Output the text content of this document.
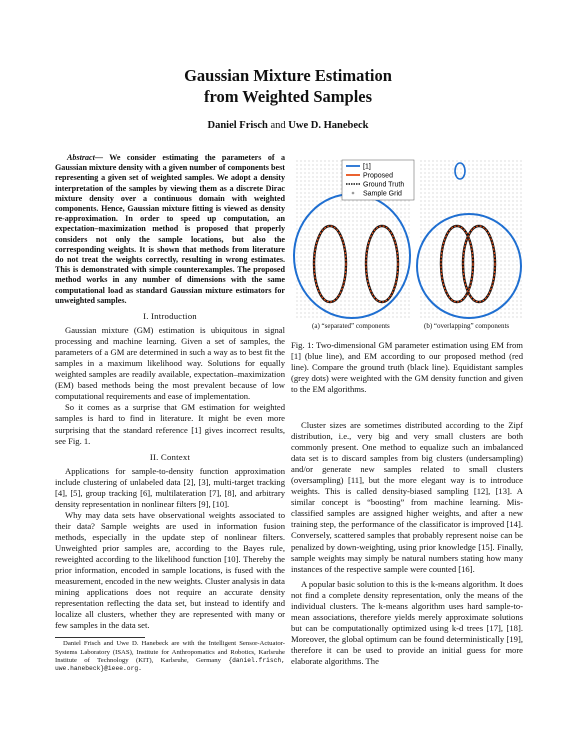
Gaussian Mixture Estimation
from Weighted Samples
Daniel Frisch and Uwe D. Hanebeck

Abstract— We consider estimating the parameters of a Gaussian mixture density with a given number of components best representing a given set of weighted samples. We adopt a density interpretation of the samples by viewing them as a discrete Dirac mixture density over a continuous domain with weighted components. Hence, Gaussian mixture fitting is viewed as density re-approximation. In order to speed up computation, an expectation–maximization method is proposed that properly considers not only the sample locations, but also the corresponding weights. It is shown that methods from literature do not treat the weights correctly, resulting in wrong estimates. This is demonstrated with simple counterexamples. The proposed method works in any number of dimensions with the same computational load as standard Gaussian mixture estimators for unweighted samples.

I. Introduction

Gaussian mixture (GM) estimation is ubiquitous in signal processing and machine learning. Given a set of samples, the parameters of a GM are determined in such a way as to best fit the samples in a maximum likelihood way. Solutions for equally weighted samples are readily available, expectation–maximization (EM) based methods being the most prevalent because of low computational requirements and ease of implementation.

So it comes as a surprise that GM estimation for weighted samples is hard to find in literature. It might be even more surprising that the standard reference [1] gives incorrect results, see Fig. 1.

II. Context

Applications for sample-to-density function approximation include clustering of unlabeled data [2], [3], multi-target tracking [4], [5], group tracking [6], multilateration [7], [8], and arbitrary density representation in nonlinear filters [9], [10].

Why may data sets have observational weights associated to their data? Sample weights are used in information fusion methods, especially in the update step of nonlinear filters. Unweighted prior samples are, according to the Bayes rule, reweighted according to the likelihood function [10]. Thereby the prior information, encoded in sample locations, is fused with the measurement, encoded in the new weights. Cluster analysis in data mining applications does not require an accurate density representation reflecting the data set, but instead to identify and localize all clusters, whether they are represented with many or few samples in the data set.

Daniel Frisch and Uwe D. Hanebeck are with the Intelligent Sensor-Actuator-Systems Laboratory (ISAS), Institute for Anthropomatics and Robotics, Karlsruhe Institute of Technology (KIT), Karlsruhe, Germany {daniel.frisch, uwe.hanebeck}@ieee.org.

[1]
Proposed
Ground Truth
Sample Grid
(a) “separated” components	(b) “overlapping” components
Fig. 1: Two-dimensional GM parameter estimation using EM from [1] (blue line), and EM according to our proposed method (red line). Compare the ground truth (black line). Equidistant samples (grey dots) were weighted with the GM density function and given to the EM algorithms.

Cluster sizes are sometimes distributed according to the Zipf distribution, i.e., very big and very small clusters are both commonly present. One method to equalize such an imbalanced data set is to discard samples from big clusters (undersampling) and/or generate new samples related to small clusters (oversampling) [11], but the more elegant way is to introduce weights. This is called density-biased sampling [12], [13]. A similar concept is “boosting” from machine learning. Mis-classified samples are assigned higher weights, and after a new training step, the performance of the classificator is improved [14]. Conversely, scattered samples that probably represent noise can be penalized by down-weighting, using prior knowledge [15]. Finally, sample weights may simply be natural numbers stating how many instances of the respective sample were counted [16].

A popular basic solution to this is the k-means algorithm. It does not find a complete density representation, only the means of the individual clusters. The k-means algorithm uses hard sample-to-mean associations, therefore yields merely approximate solutions but can be computationally optimized using k-d trees [17], [18]. Moreover, the global optimum can be found deterministically [19], therefore it can be used to provide an initial guess for more elaborate algorithms. The
